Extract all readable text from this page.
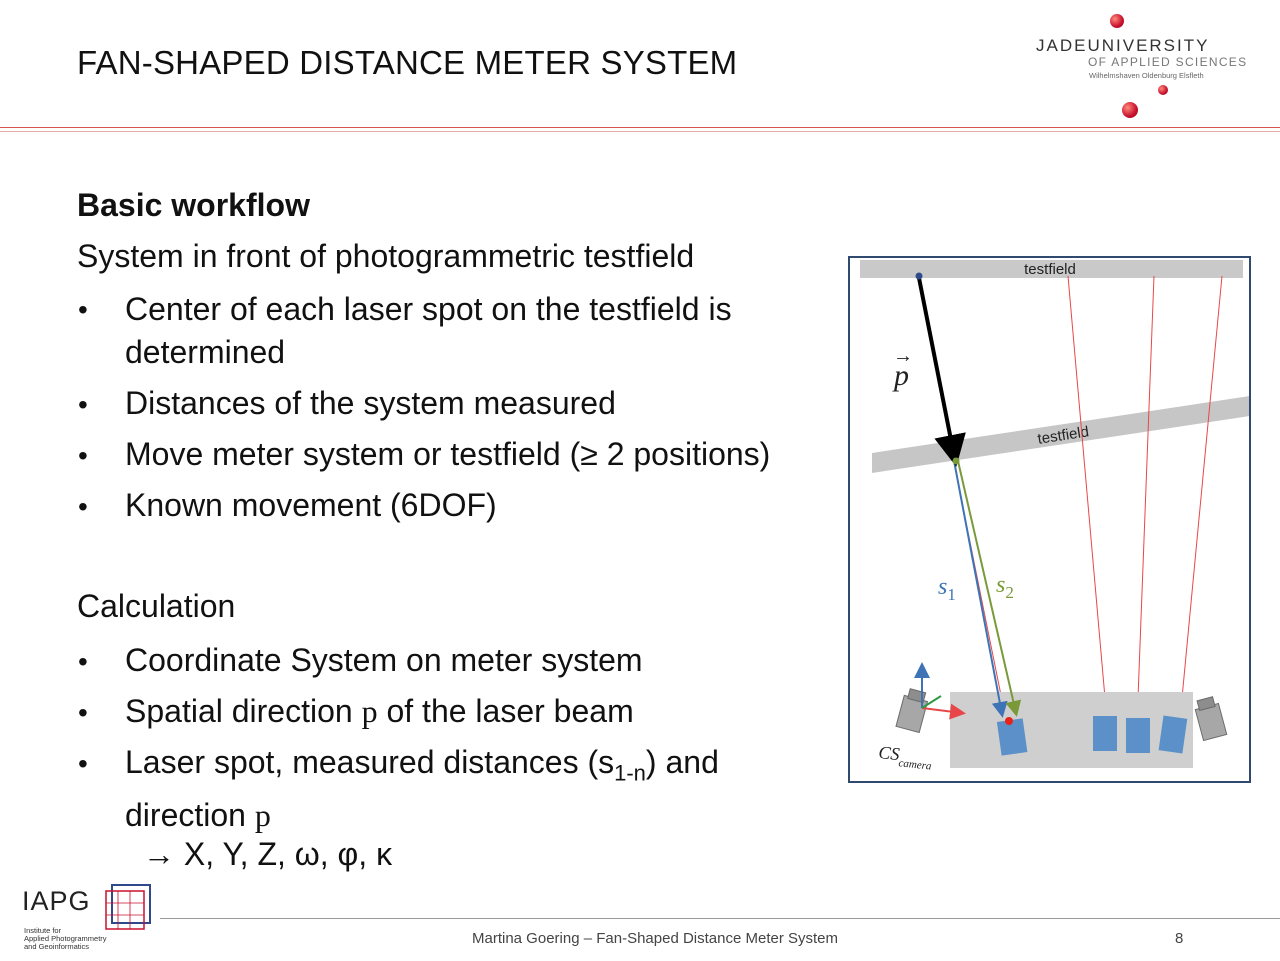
FAN-SHAPED DISTANCE METER SYSTEM	JADEUNIVERSITY
OF APPLIED SCIENCES
Wilhelmshaven Oldenburg Elsfleth
Basic workflow
System in front of photogrammetric testfield
• Center of each laser spot on the testfield is determined
• Distances of the system measured
• Move meter system or testfield (≥ 2 positions)
• Known movement (6DOF)
Calculation
• Coordinate System on meter system
• Spatial direction p of the laser beam
• Laser spot, measured distances $(s_{1-n})$ and
direction p
→ X, Y, Z, ω, φ, κ
testfield
testfield
p
→
$s_1$ $s_2$
$CS_{camera}$
IAPG
Institute for
Applied Photogrammetry
and Geoinformatics	Martina Goering – Fan-Shaped Distance Meter System	8
